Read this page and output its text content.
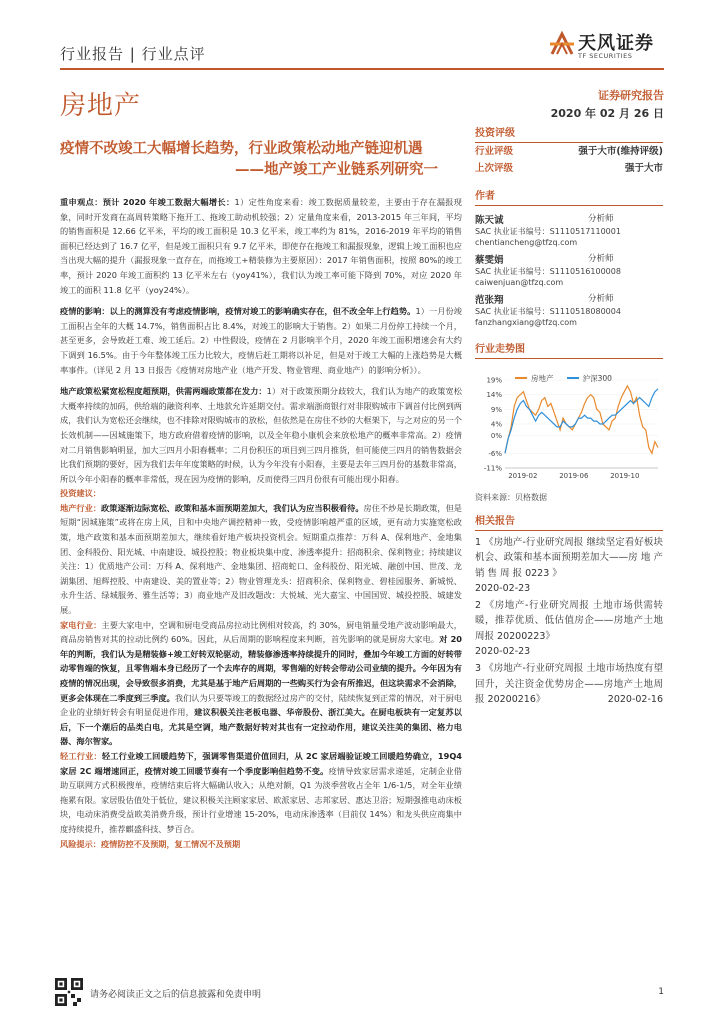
行业报告 | 行业点评	天风证券
TF SECURITIES
房地产	证券研究报告
2020 年 02 月 26 日
疫情不改竣工大幅增长趋势，行业政策松动地产链迎机遇
——地产竣工产业链系列研究一

重申观点：预计 2020 年竣工数据大幅增长：1）定性角度来看：竣工数据质量较差，主要由于存在漏报现象，同时开发商在高周转策略下拖开工、拖竣工助动机较强；2）定量角度来看，2013-2015 年三年间，平均的销售面积是 12.66 亿平米，平均的竣工面积是 10.3 亿平米，竣工率约为 81%，2016-2019 年平均的销售面积已经达到了 16.7 亿平，但是竣工面积只有 9.7 亿平米，即使存在拖竣工和漏报现象，逻辑上竣工面积也应当出现大幅的提升（漏报现象一直存在，而拖竣工+精装修为主要原因）：2017 年销售面积，按照 80%的竣工率，预计 2020 年竣工面积约 13 亿平米左右（yoy41%），我们认为竣工率可能下降到 70%，对应 2020 年竣工的面积 11.8 亿平（yoy24%）。

疫情的影响：以上的测算没有考虑疫情影响，疫情对竣工的影响确实存在，但不改全年上行趋势。1）一月份竣工面积占全年的大概 14.7%，销售面积占比 8.4%，对竣工的影响大于销售。2）如果二月份停工持续一个月，甚至更多，会导致赶工难、竣工延后。2）中性假设，疫情在 2 月影响半个月，2020 年竣工面积增速会有大约下调到 16.5%。由于今年整体竣工压力比较大，疫情后赶工期将以补足，但是对于竣工大幅的上涨趋势是大概率事件。（详见 2 月 13 日报告《疫情对房地产业（地产开发、物业管理、商业地产）的影响分析》）。

地产政策松紧宽松程度超预期，供需两端政策都在发力：1）对于政策预期分歧较大，我们认为地产的政策宽松大概率持续的加码，供给端的融资利率、土地款允许延期交付。需求端浙商银行对非限购城市下调首付比例到两成，我们认为宽松还会继续，也不排除对限购城市的放松，但依然是在房住不炒的大框架下，与之对应的另一个长效机制——因城施策下，地方政府借着疫情的影响，以及全年稳小康机会来放松地产的概率非常高。2）疫情对二月销售影响明显，加大三四月小阳春概率；二月份积压的项目到三四月推货，但可能使三四月的销售数据会比我们预期的要好，因为我们去年年度策略的时候，认为今年没有小阳春，主要是去年三四月份的基数非常高，所以今年小阳春的概率非常低，现在因为疫情的影响，反而使得三四月份很有可能出现小阳春。

投资建议：

地产行业：政策逐渐边际宽松、政策和基本面预期差加大，我们认为应当积极看待。房住不炒是长期政策，但是短期“因城施策”或将在房上风，目和中央地产调控精神一致，受疫情影响越严重的区域，更有动力实施宽松政策，地产政策和基本面预期差加大，继续看好地产板块投资机会。短期重点推荐：万科 A、保利地产、金地集团、金科股份、阳光城、中南建设、城投控股；物业板块集中度、渗透率提升：招商积余、保利物业；持续建议关注：1）优质地产公司：万科 A、保利地产、金地集团、招商蛇口、金科股份、阳光城、融创中国、世茂、龙湖集团、旭辉控股、中南建设、美的置业等；2）物业管理龙头：招商积余、保利物业、碧桂园服务、新城悦、永升生活、绿城服务、雅生活等；3）商业地产及旧改题改：大悦城、光大嘉宝、中国国贸、城投控股、城建发展。

家电行业：主要大家电中，空调和厨电受商品房拉动比例相对较高，约 30%，厨电销量受地产波动影响最大，商品房销售对其的拉动比例约 60%。因此，从后周期的影响程度来判断，首先影响的就是厨房大家电。对 20 年的判断，我们认为是精装修+竣工好转双轮驱动，精装修渗透率持续提升的同时，叠加今年竣工方面的好转带动零售端的恢复，且零售端本身已经历了一个去库存的周期，零售端的好转会带动公司业绩的提升。今年因为有疫情的情况出现，会导致很多消费，尤其是基于地产后周期的一些购买行为会有所推迟，但这块需求不会消除，更多会体现在二季度到三季度。我们认为只要等竣工的数据经过房产的交付，陆续恢复到正常的情况，对于厨电企业的业绩好转会有明显促进作用，建议积极关注老板电器、华帝股份、浙江美大。在厨电板块有一定复苏以后，下一个潮后的品类白电，尤其是空调，地产数据好转对其也有一定拉动作用，建议关注美的集团、格力电器、海尔智家。

轻工行业：轻工行业竣工回暖趋势下，强调零售渠道价值回归，从 2C 家居端验证竣工回暖趋势确立，19Q4 家居 2C 端增速回正，疫情对竣工回暖节奏有一个季度影响但趋势不变。疫情导致家居需求递延，定制企业借助互联网方式积极搜单，疫情结束后将大幅确认收入；从绝对额，Q1 为淡季营收占全年 1/6-1/5，对全年业绩拖累有限。家居股估值处于低位，建议积极关注顾家家居、欧派家居、志邦家居、惠达卫浴；短期强推电动床板块，电动床消费受益欧美消费升级，预计行业增速 15-20%，电动床渗透率（目前仅 14%）和龙头供应商集中度持续提升，推荐麒盛科技、梦百合。

风险提示：疫情防控不及预期，复工情况不及预期

投资评级
行业评级	强于大市(维持评级)
上次评级	强于大市
作者
陈天诚	分析师
SAC 执业证书编号：S1110517110001
chentiancheng@tfzq.com
蔡雯娟	分析师
SAC 执业证书编号：S1110516100008
caiwenjuan@tfzq.com
范张翔	分析师
SAC 执业证书编号：S1110518080004
fanzhangxiang@tfzq.com
行业走势图
房地产
	沪深300
-11%
-6%
0%
4%
9%
14%
19%
2019-02	2019-06	2019-10
资料来源：贝格数据
相关报告
1 《房地产-行业研究周报 继续坚定看好板块机会、政策和基本面预期差加大——房 地 产 销 售 周 报 0223 》
2020-02-23
2 《房地产-行业研究周报 土地市场供需转暖，推荐优质、低估值房企——房地产土地周报 20200223》
2020-02-23
3 《房地产-行业研究周报 土地市场热度有望回升，关注资金优势房企——房地产土地周报 20200216》	2020-02-16
请务必阅读正文之后的信息披露和免责申明	1
